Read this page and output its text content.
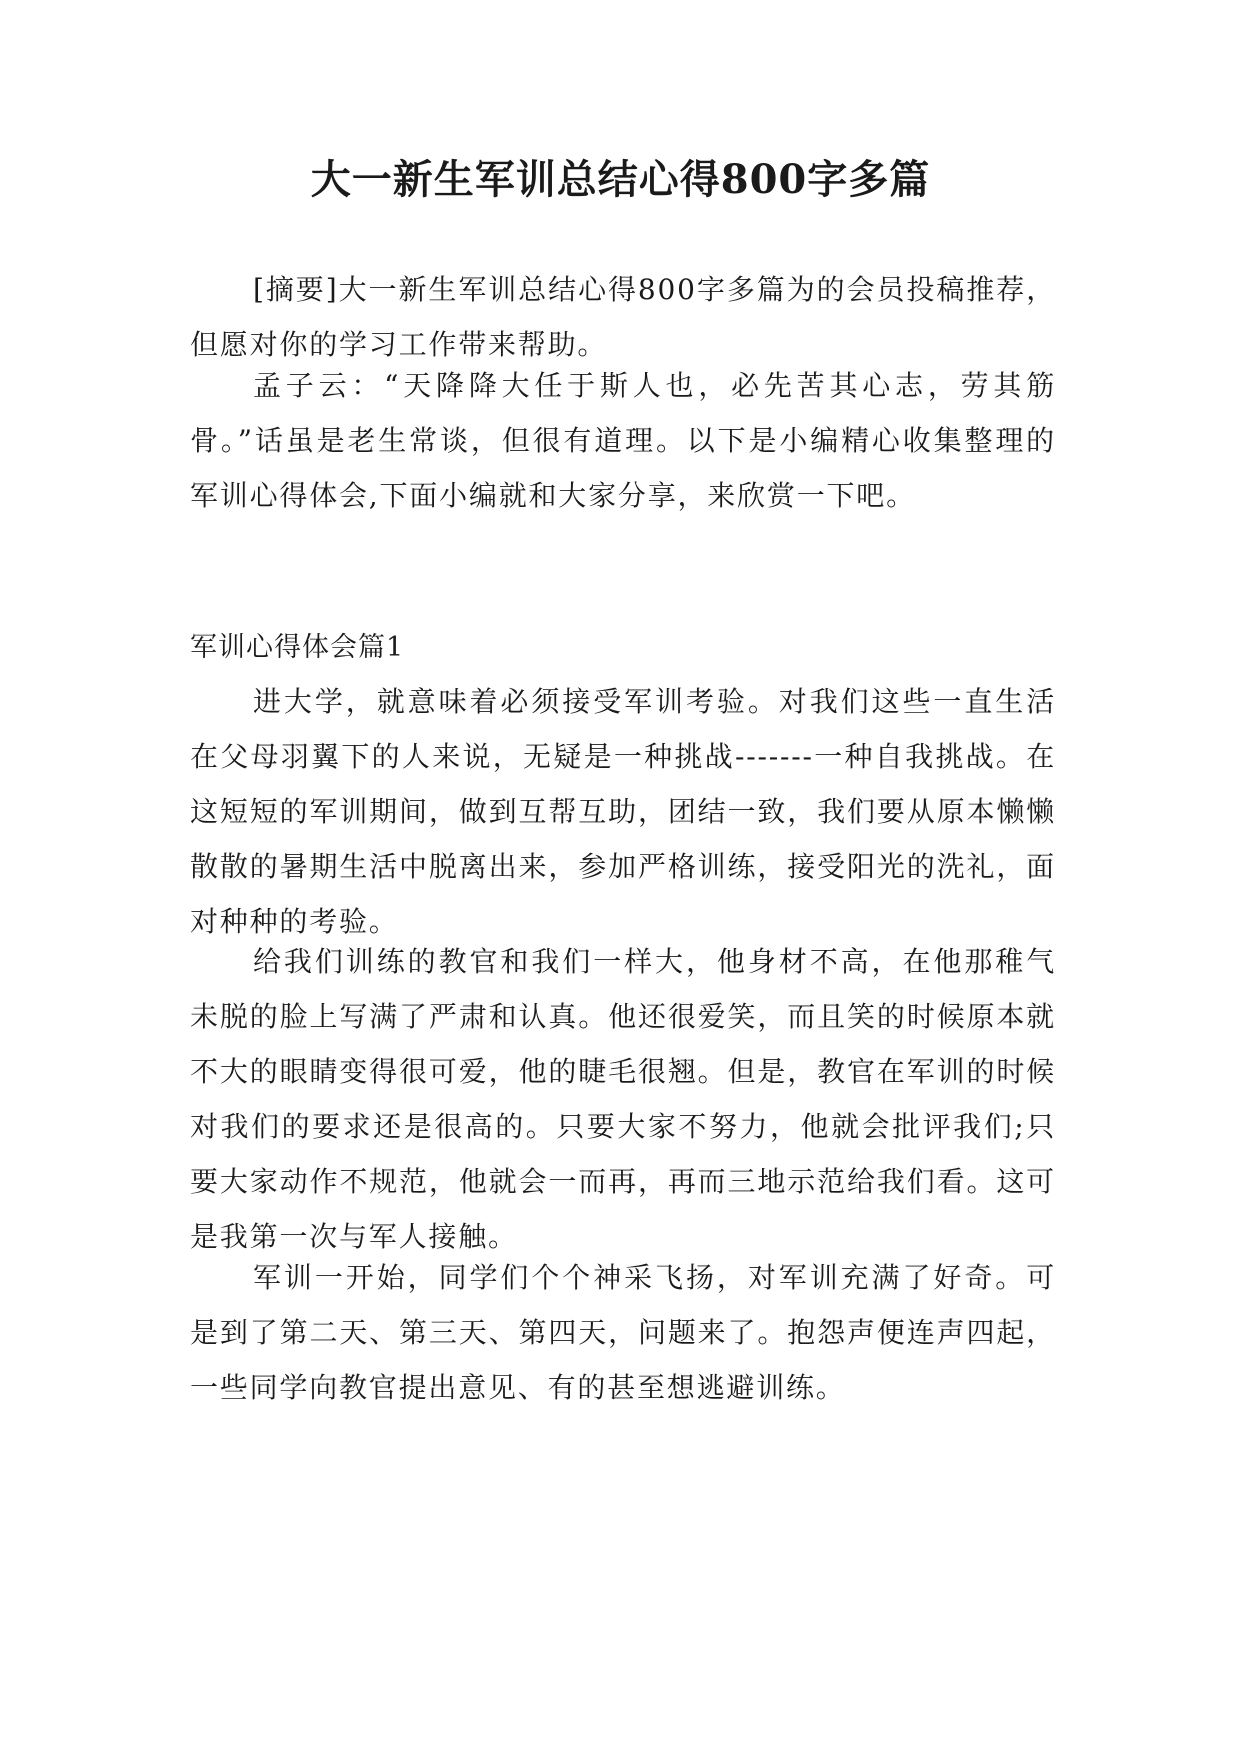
大一新生军训总结心得800字多篇

[摘要]大一新生军训总结心得800字多篇为的会员投稿推荐，但愿对你的学习工作带来帮助。

孟子云：“天降降大任于斯人也，必先苦其心志，劳其筋骨。”话虽是老生常谈，但很有道理。以下是小编精心收集整理的军训心得体会,下面小编就和大家分享，来欣赏一下吧。

军训心得体会篇1

进大学，就意味着必须接受军训考验。对我们这些一直生活在父母羽翼下的人来说，无疑是一种挑战-------一种自我挑战。在这短短的军训期间，做到互帮互助，团结一致，我们要从原本懒懒散散的暑期生活中脱离出来，参加严格训练，接受阳光的洗礼，面对种种的考验。

给我们训练的教官和我们一样大，他身材不高，在他那稚气未脱的脸上写满了严肃和认真。他还很爱笑，而且笑的时候原本就不大的眼睛变得很可爱，他的睫毛很翘。但是，教官在军训的时候对我们的要求还是很高的。只要大家不努力，他就会批评我们;只要大家动作不规范，他就会一而再，再而三地示范给我们看。这可是我第一次与军人接触。

军训一开始，同学们个个神采飞扬，对军训充满了好奇。可是到了第二天、第三天、第四天，问题来了。抱怨声便连声四起，一些同学向教官提出意见、有的甚至想逃避训练。
